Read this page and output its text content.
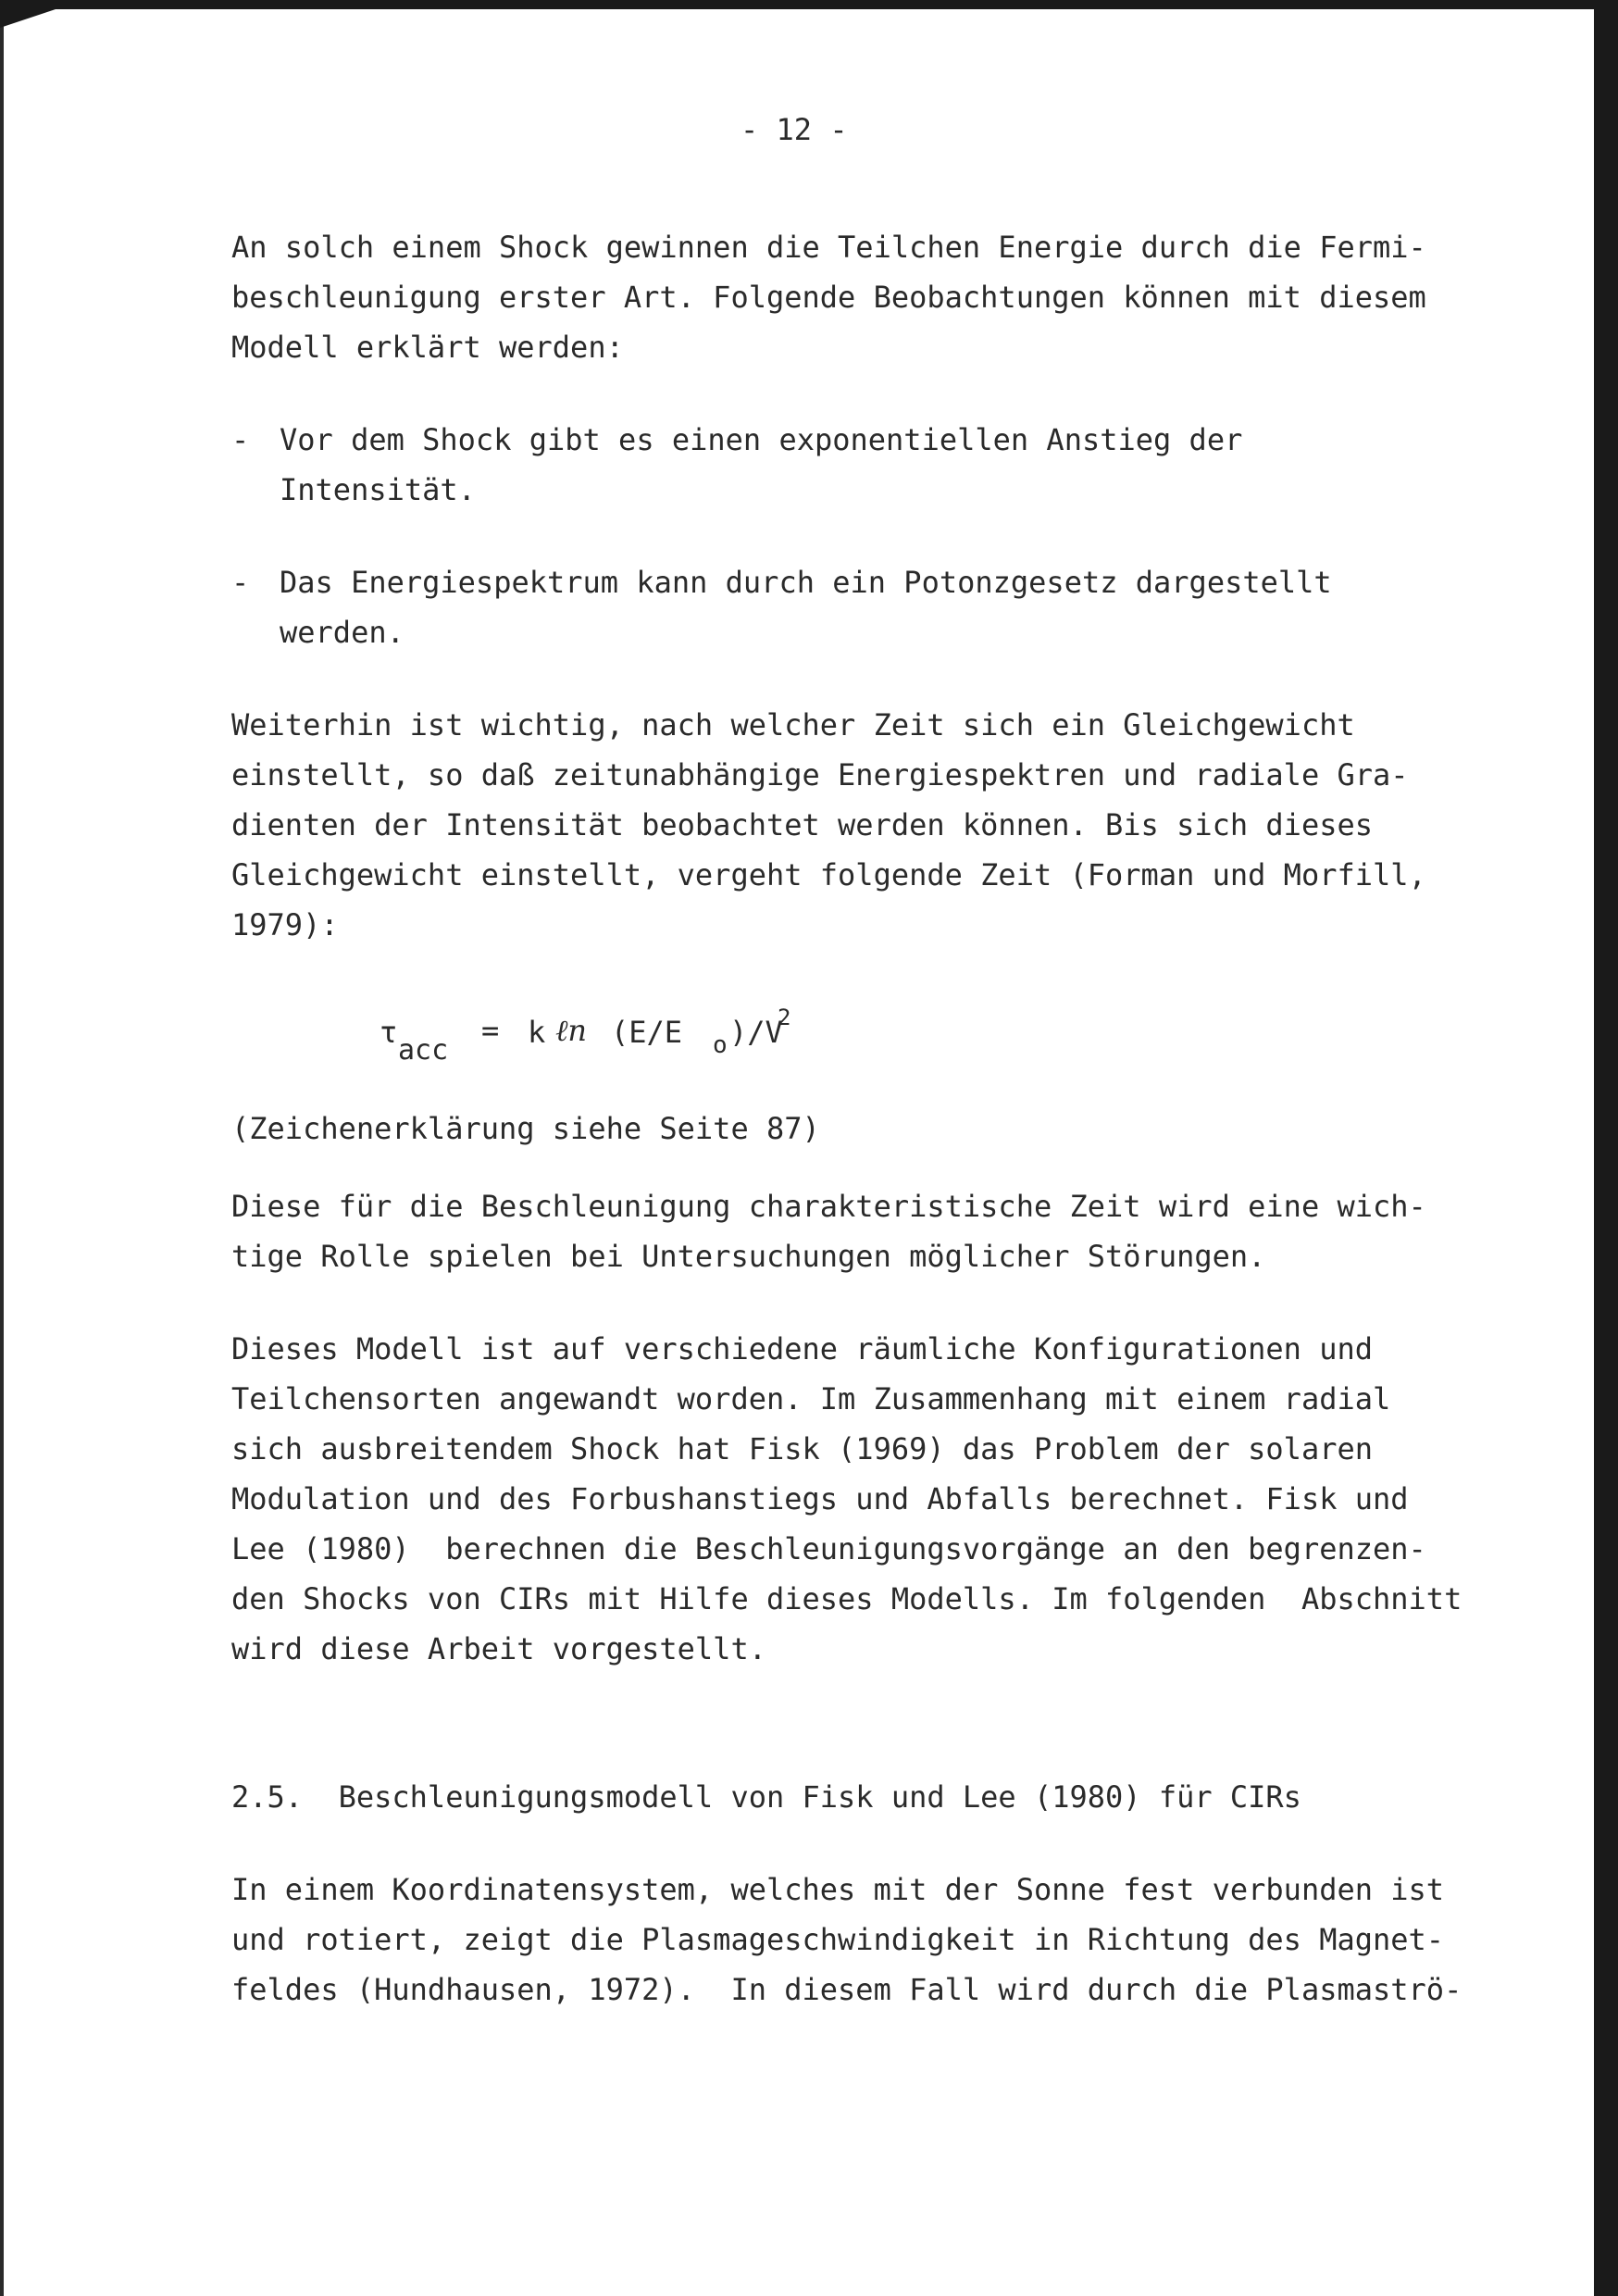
- 12 -

An solch einem Shock gewinnen die Teilchen Energie durch die Fermi-

beschleunigung erster Art. Folgende Beobachtungen können mit diesem

Modell erklärt werden:

-	Vor dem Shock gibt es einen exponentiellen Anstieg der

Intensität.

-	Das Energiespektrum kann durch ein Potonzgesetz dargestellt

werden.

Weiterhin ist wichtig, nach welcher Zeit sich ein Gleichgewicht

einstellt, so daß zeitunabhängige Energiespektren und radiale Gra-

dienten der Intensität beobachtet werden können. Bis sich dieses

Gleichgewicht einstellt, vergeht folgende Zeit (Forman und Morfill,

1979):

τ
acc
= k ℓn (E/E o )/V
2

(Zeichenerklärung siehe Seite 87)

Diese für die Beschleunigung charakteristische Zeit wird eine wich-

tige Rolle spielen bei Untersuchungen möglicher Störungen.

Dieses Modell ist auf verschiedene räumliche Konfigurationen und

Teilchensorten angewandt worden. Im Zusammenhang mit einem radial

sich ausbreitendem Shock hat Fisk (1969) das Problem der solaren

Modulation und des Forbushanstiegs und Abfalls berechnet. Fisk und

Lee (1980)  berechnen die Beschleunigungsvorgänge an den begrenzen-

den Shocks von CIRs mit Hilfe dieses Modells. Im folgenden  Abschnitt

wird diese Arbeit vorgestellt.

2.5.  Beschleunigungsmodell von Fisk und Lee (1980) für CIRs

In einem Koordinatensystem, welches mit der Sonne fest verbunden ist

und rotiert, zeigt die Plasmageschwindigkeit in Richtung des Magnet-

feldes (Hundhausen, 1972).  In diesem Fall wird durch die Plasmaströ-
